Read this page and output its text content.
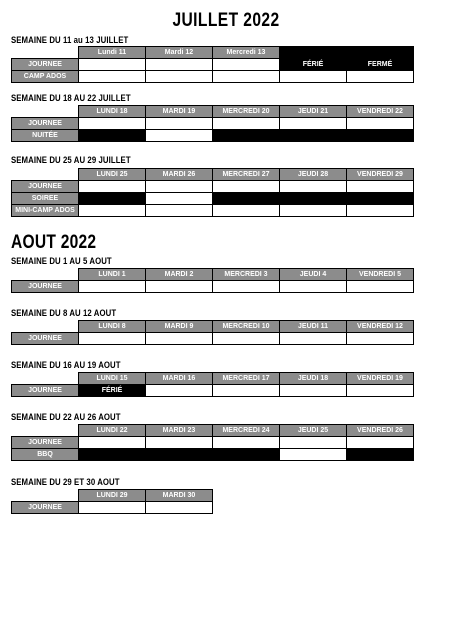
JUILLET 2022
SEMAINE DU 11 au 13 JUILLET
	Lundi 11	Mardi 12	Mercredi 13		
JOURNEE				FÉRIÉ	FERMÉ
CAMP ADOS					
SEMAINE DU 18 AU 22 JUILLET
	LUNDI 18	MARDI 19	MERCREDI 20	JEUDI 21	VENDREDI 22
JOURNEE					
NUITÉE					
SEMAINE DU 25 AU 29 JUILLET
	LUNDI 25	MARDI 26	MERCREDI 27	JEUDI 28	VENDREDI 29
JOURNEE					
SOIREE					
MINI-CAMP ADOS					
AOUT 2022
SEMAINE DU 1 AU 5 AOUT
	LUNDI 1	MARDI 2	MERCREDI 3	JEUDI 4	VENDREDI 5
JOURNEE					
SEMAINE DU 8 AU 12 AOUT
	LUNDI 8	MARDI 9	MERCREDI 10	JEUDI 11	VENDREDI 12
JOURNEE					
SEMAINE DU 16 AU 19 AOUT
	LUNDI 15	MARDI 16	MERCREDI 17	JEUDI 18	VENDREDI 19
JOURNEE	FÉRIÉ				
SEMAINE DU 22 AU 26 AOUT
	LUNDI 22	MARDI 23	MERCREDI 24	JEUDI 25	VENDREDI 26
JOURNEE					
BBQ					
SEMAINE DU 29 ET 30 AOUT
	LUNDI 29	MARDI 30
JOURNEE		
